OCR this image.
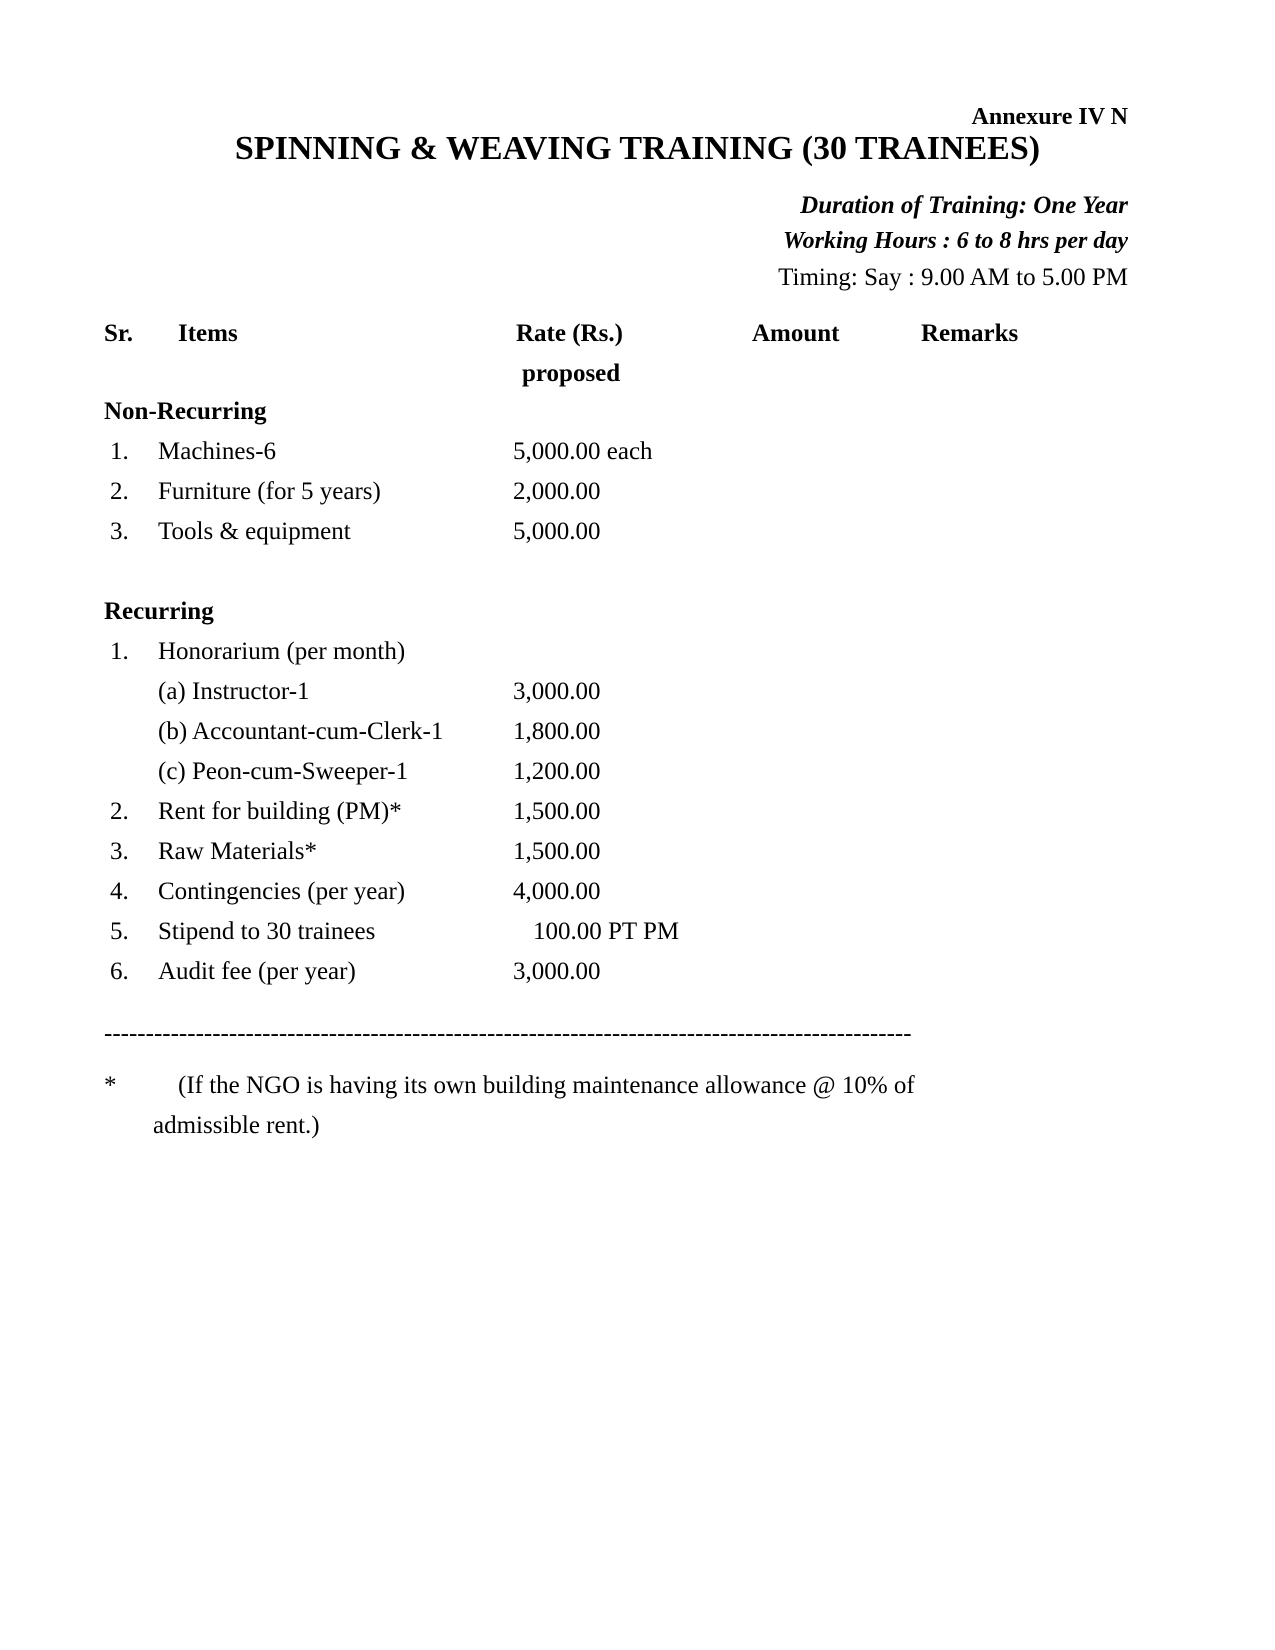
Annexure IV N
SPINNING & WEAVING TRAINING (30 TRAINEES)
Duration of Training: One Year
Working Hours : 6 to 8 hrs per day
Timing: Say : 9.00 AM to 5.00 PM
Sr. Items	Rate (Rs.)	Amount	Remarks
proposed
Non-Recurring
1. Machines-6	5,000.00 each
2. Furniture (for 5 years)	2,000.00
3. Tools & equipment	5,000.00
Recurring
1. Honorarium (per month)
(a) Instructor-1	3,000.00
(b) Accountant-cum-Clerk-1	1,800.00
(c) Peon-cum-Sweeper-1	1,200.00
2. Rent for building (PM)*	1,500.00
3. Raw Materials*	1,500.00
4. Contingencies (per year)	4,000.00
5. Stipend to 30 trainees	100.00 PT PM
6. Audit fee (per year)	3,000.00
-------------------------------------------------------------------------------------------------
* (If the NGO is having its own building maintenance allowance @ 10% of
admissible rent.)
